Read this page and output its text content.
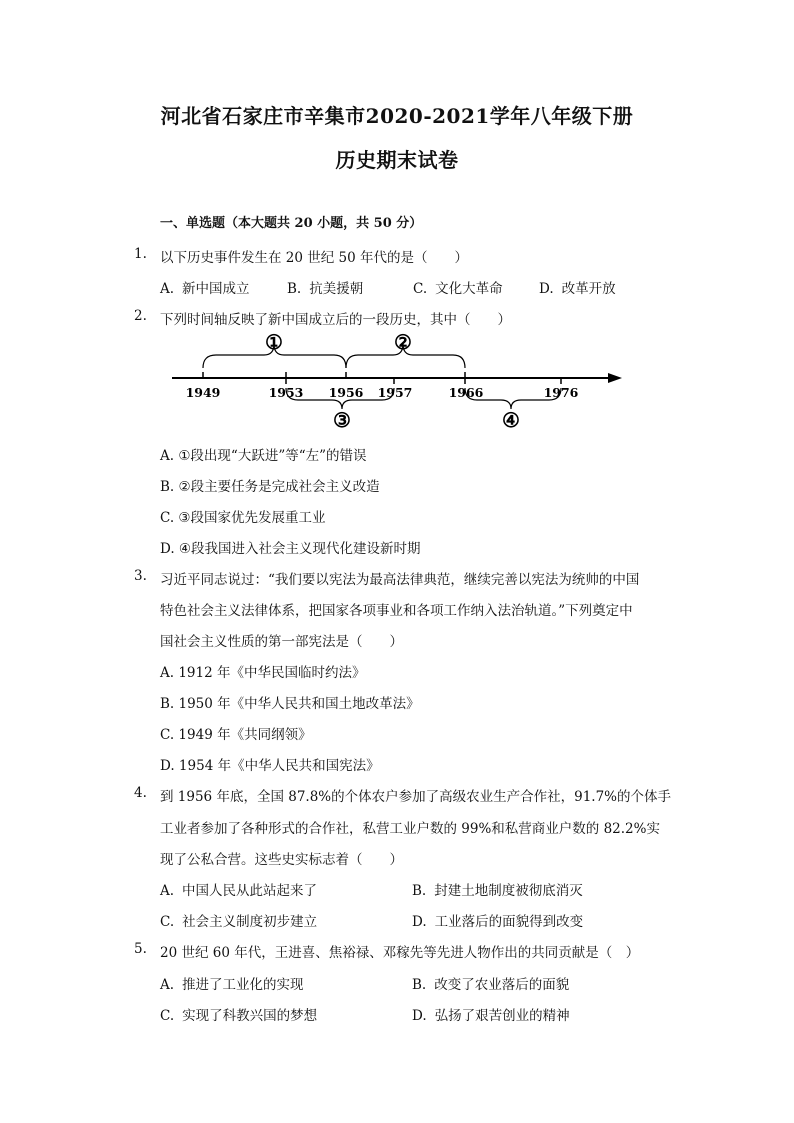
河北省石家庄市辛集市2020-2021学年八年级下册
历史期末试卷
一、单选题（本大题共 20 小题，共 50 分）
1. 以下历史事件发生在 20 世纪 50 年代的是（　　）
A. 新中国成立	B. 抗美援朝	C. 文化大革命	D. 改革开放
2. 下列时间轴反映了新中国成立后的一段历史，其中（　　）
1949	1953 1956 1957	1966	1976
①	②
③	④
A. ①段出现“大跃进”等“左”的错误
B. ②段主要任务是完成社会主义改造
C. ③段国家优先发展重工业
D. ④段我国进入社会主义现代化建设新时期
3. 习近平同志说过：“我们要以宪法为最高法律典范，继续完善以宪法为统帅的中国
特色社会主义法律体系，把国家各项事业和各项工作纳入法治轨道。”下列奠定中
国社会主义性质的第一部宪法是（　　）
A. 1912 年《中华民国临时约法》
B. 1950 年《中华人民共和国土地改革法》
C. 1949 年《共同纲领》
D. 1954 年《中华人民共和国宪法》
4. 到 1956 年底，全国 87.8%的个体农户参加了高级农业生产合作社，91.7%的个体手
工业者参加了各种形式的合作社，私营工业户数的 99%和私营商业户数的 82.2%实
现了公私合营。这些史实标志着（　　）
A. 中国人民从此站起来了	B. 封建土地制度被彻底消灭
C. 社会主义制度初步建立	D. 工业落后的面貌得到改变
5. 20 世纪 60 年代，王进喜、焦裕禄、邓稼先等先进人物作出的共同贡献是（　）
A. 推进了工业化的实现	B. 改变了农业落后的面貌
C. 实现了科教兴国的梦想	D. 弘扬了艰苦创业的精神
